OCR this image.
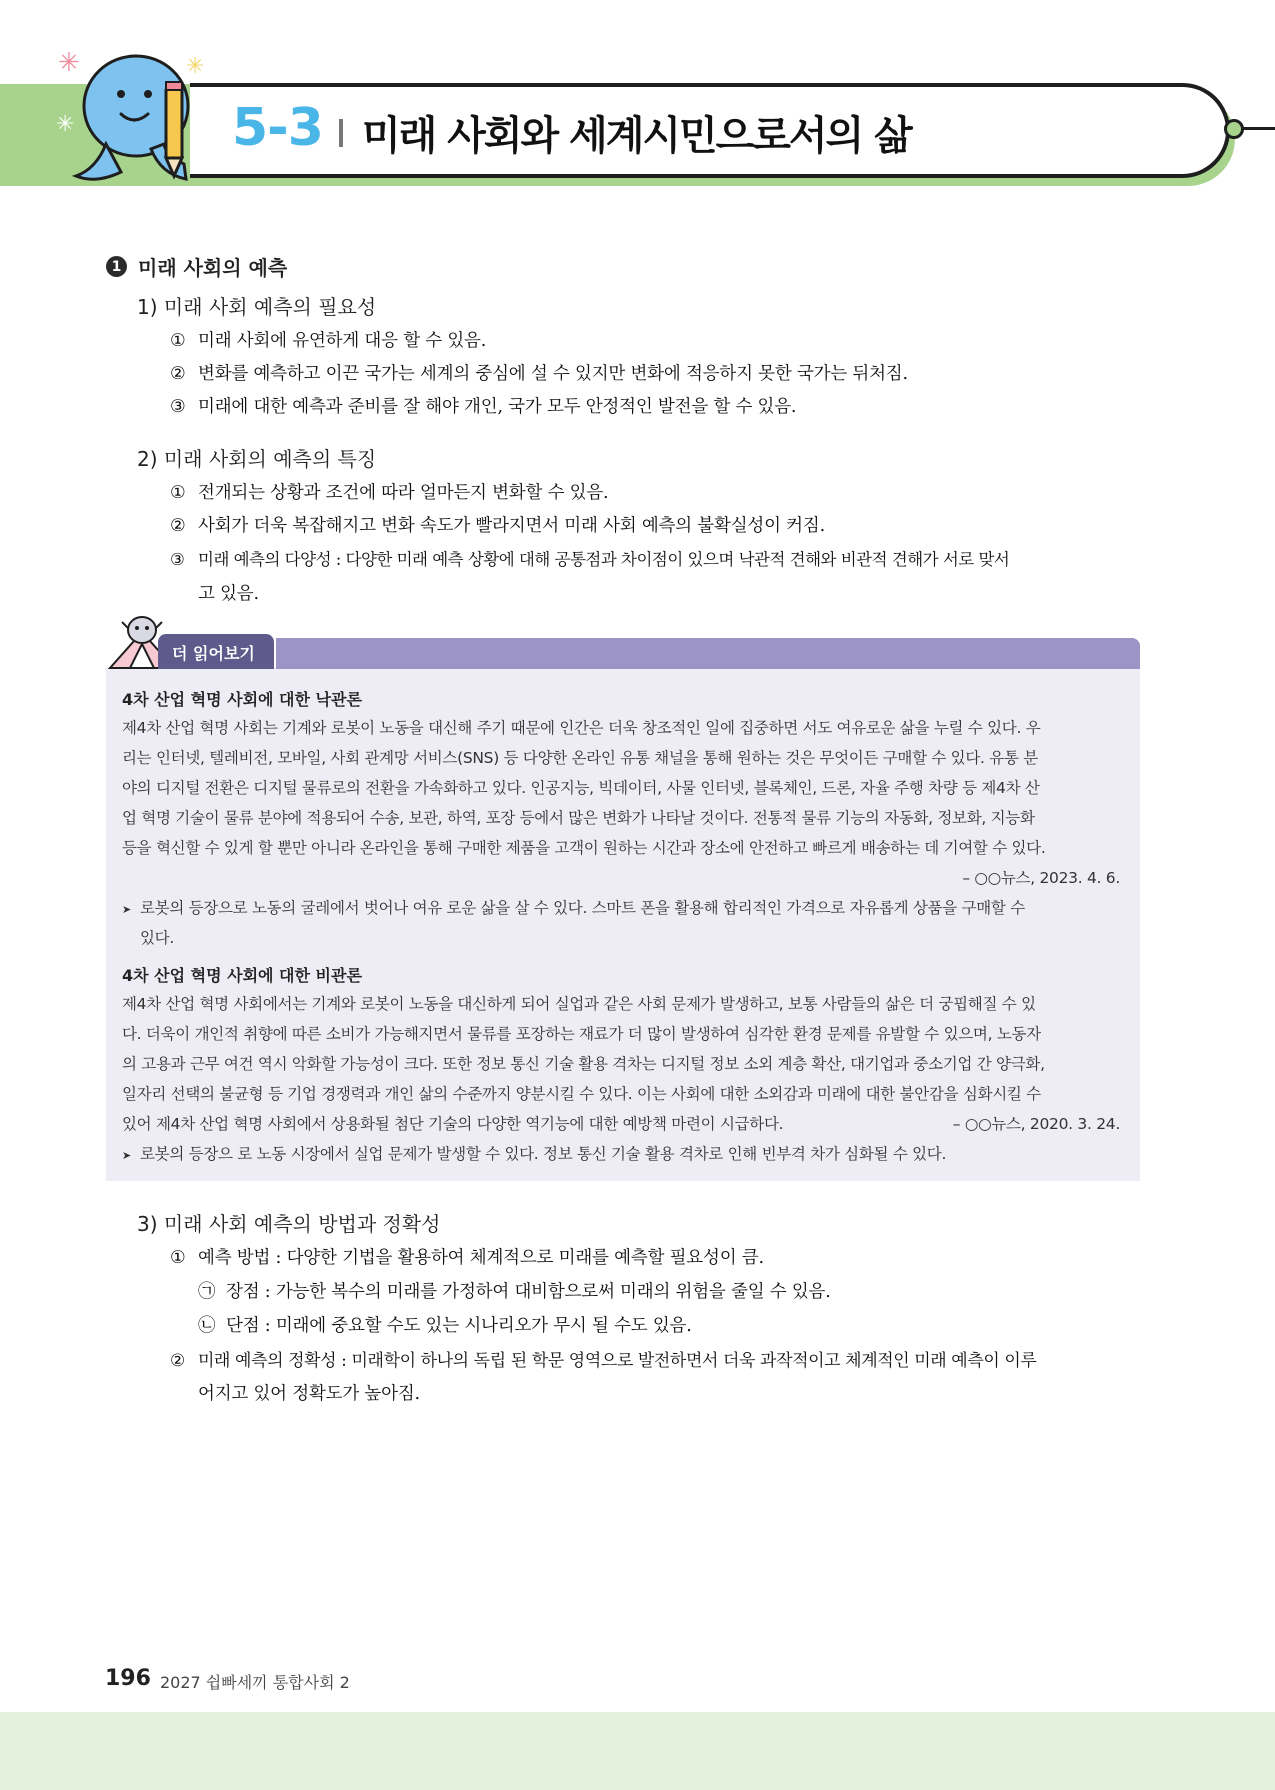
✳	✳
✳	5-3 미래 사회와 세계시민으로서의 삶
1 미래 사회의 예측
1) 미래 사회 예측의 필요성
① 미래 사회에 유연하게 대응 할 수 있음.
② 변화를 예측하고 이끈 국가는 세계의 중심에 설 수 있지만 변화에 적응하지 못한 국가는 뒤처짐.
③ 미래에 대한 예측과 준비를 잘 해야 개인, 국가 모두 안정적인 발전을 할 수 있음.
2) 미래 사회의 예측의 특징
① 전개되는 상황과 조건에 따라 얼마든지 변화할 수 있음.
② 사회가 더욱 복잡해지고 변화 속도가 빨라지면서 미래 사회 예측의 불확실성이 커짐.
③ 미래 예측의 다양성 : 다양한 미래 예측 상황에 대해 공통점과 차이점이 있으며 낙관적 견해와 비관적 견해가 서로 맞서
고 있음.
더 읽어보기
4차 산업 혁명 사회에 대한 낙관론
제4차 산업 혁명 사회는 기계와 로봇이 노동을 대신해 주기 때문에 인간은 더욱 창조적인 일에 집중하면 서도 여유로운 삶을 누릴 수 있다. 우
리는 인터넷, 텔레비전, 모바일, 사회 관계망 서비스(SNS) 등 다양한 온라인 유통 채널을 통해 원하는 것은 무엇이든 구매할 수 있다. 유통 분
야의 디지털 전환은 디지털 물류로의 전환을 가속화하고 있다. 인공지능, 빅데이터, 사물 인터넷, 블록체인, 드론, 자율 주행 차량 등 제4차 산
업 혁명 기술이 물류 분야에 적용되어 수송, 보관, 하역, 포장 등에서 많은 변화가 나타날 것이다. 전통적 물류 기능의 자동화, 정보화, 지능화
등을 혁신할 수 있게 할 뿐만 아니라 온라인을 통해 구매한 제품을 고객이 원하는 시간과 장소에 안전하고 빠르게 배송하는 데 기여할 수 있다.
– ○○뉴스, 2023. 4. 6.
➤ 로봇의 등장으로 노동의 굴레에서 벗어나 여유 로운 삶을 살 수 있다. 스마트 폰을 활용해 합리적인 가격으로 자유롭게 상품을 구매할 수
있다.
4차 산업 혁명 사회에 대한 비관론
제4차 산업 혁명 사회에서는 기계와 로봇이 노동을 대신하게 되어 실업과 같은 사회 문제가 발생하고, 보통 사람들의 삶은 더 궁핍해질 수 있
다. 더욱이 개인적 취향에 따른 소비가 가능해지면서 물류를 포장하는 재료가 더 많이 발생하여 심각한 환경 문제를 유발할 수 있으며, 노동자
의 고용과 근무 여건 역시 악화할 가능성이 크다. 또한 정보 통신 기술 활용 격차는 디지털 정보 소외 계층 확산, 대기업과 중소기업 간 양극화,
일자리 선택의 불균형 등 기업 경쟁력과 개인 삶의 수준까지 양분시킬 수 있다. 이는 사회에 대한 소외감과 미래에 대한 불안감을 심화시킬 수
있어 제4차 산업 혁명 사회에서 상용화될 첨단 기술의 다양한 역기능에 대한 예방책 마련이 시급하다.	– ○○뉴스, 2020. 3. 24.
➤ 로봇의 등장으 로 노동 시장에서 실업 문제가 발생할 수 있다. 정보 통신 기술 활용 격차로 인해 빈부격 차가 심화될 수 있다.
3) 미래 사회 예측의 방법과 정확성
① 예측 방법 : 다양한 기법을 활용하여 체계적으로 미래를 예측할 필요성이 큼.
㉠ 장점 : 가능한 복수의 미래를 가정하여 대비함으로써 미래의 위험을 줄일 수 있음.
㉡ 단점 : 미래에 중요할 수도 있는 시나리오가 무시 될 수도 있음.
② 미래 예측의 정확성 : 미래학이 하나의 독립 된 학문 영역으로 발전하면서 더욱 과작적이고 체계적인 미래 예측이 이루
어지고 있어 정확도가 높아짐.
196 2027 쉽빠세끼 통합사회 2
